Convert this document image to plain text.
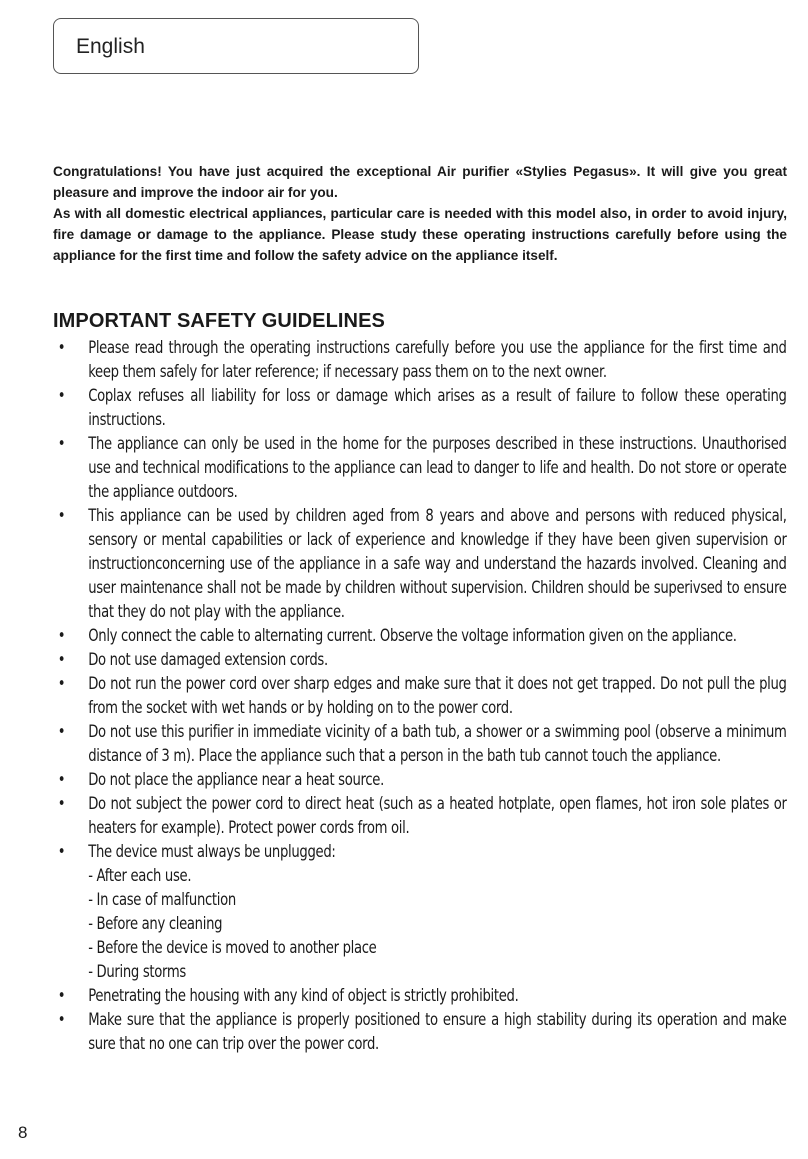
English

Congratulations! You have just acquired the exceptional Air purifier «Stylies Pegasus». It will give you great pleasure and improve the indoor air for you.

As with all domestic electrical appliances, particular care is needed with this model also, in order to avoid injury, fire damage or damage to the appliance. Please study these operating instructions carefully before using the appliance for the first time and follow the safety advice on the appliance itself.

IMPORTANT SAFETY GUIDELINES
• Please read through the operating instructions carefully before you use the appliance for the first time and keep them safely for later reference; if necessary pass them on to the next owner.
• Coplax refuses all liability for loss or damage which arises as a result of failure to follow these operating instructions.
• The appliance can only be used in the home for the purposes described in these instructions. Unauthorised use and technical modifications to the appliance can lead to danger to life and health. Do not store or operate the appliance outdoors.
• This appliance can be used by children aged from 8 years and above and persons with reduced physical, sensory or mental capabilities or lack of experience and knowledge if they have been given supervision or instructionconcerning use of the appliance in a safe way and understand the hazards involved. Cleaning and user maintenance shall not be made by children without supervision. Children should be superivsed to ensure that they do not play with the appliance.
• Only connect the cable to alternating current. Observe the voltage information given on the appliance.
• Do not use damaged extension cords.
• Do not run the power cord over sharp edges and make sure that it does not get trapped. Do not pull the plug from the socket with wet hands or by holding on to the power cord.
• Do not use this purifier in immediate vicinity of a bath tub, a shower or a swimming pool (observe a minimum distance of 3 m). Place the appliance such that a person in the bath tub cannot touch the appliance.
• Do not place the appliance near a heat source.
• Do not subject the power cord to direct heat (such as a heated hotplate, open flames, hot iron sole plates or heaters for example). Protect power cords from oil.
• The device must always be unplugged:
- After each use.
- In case of malfunction
- Before any cleaning
- Before the device is moved to another place
- During storms
• Penetrating the housing with any kind of object is strictly prohibited.
• Make sure that the appliance is properly positioned to ensure a high stability during its operation and make sure that no one can trip over the power cord.
8
